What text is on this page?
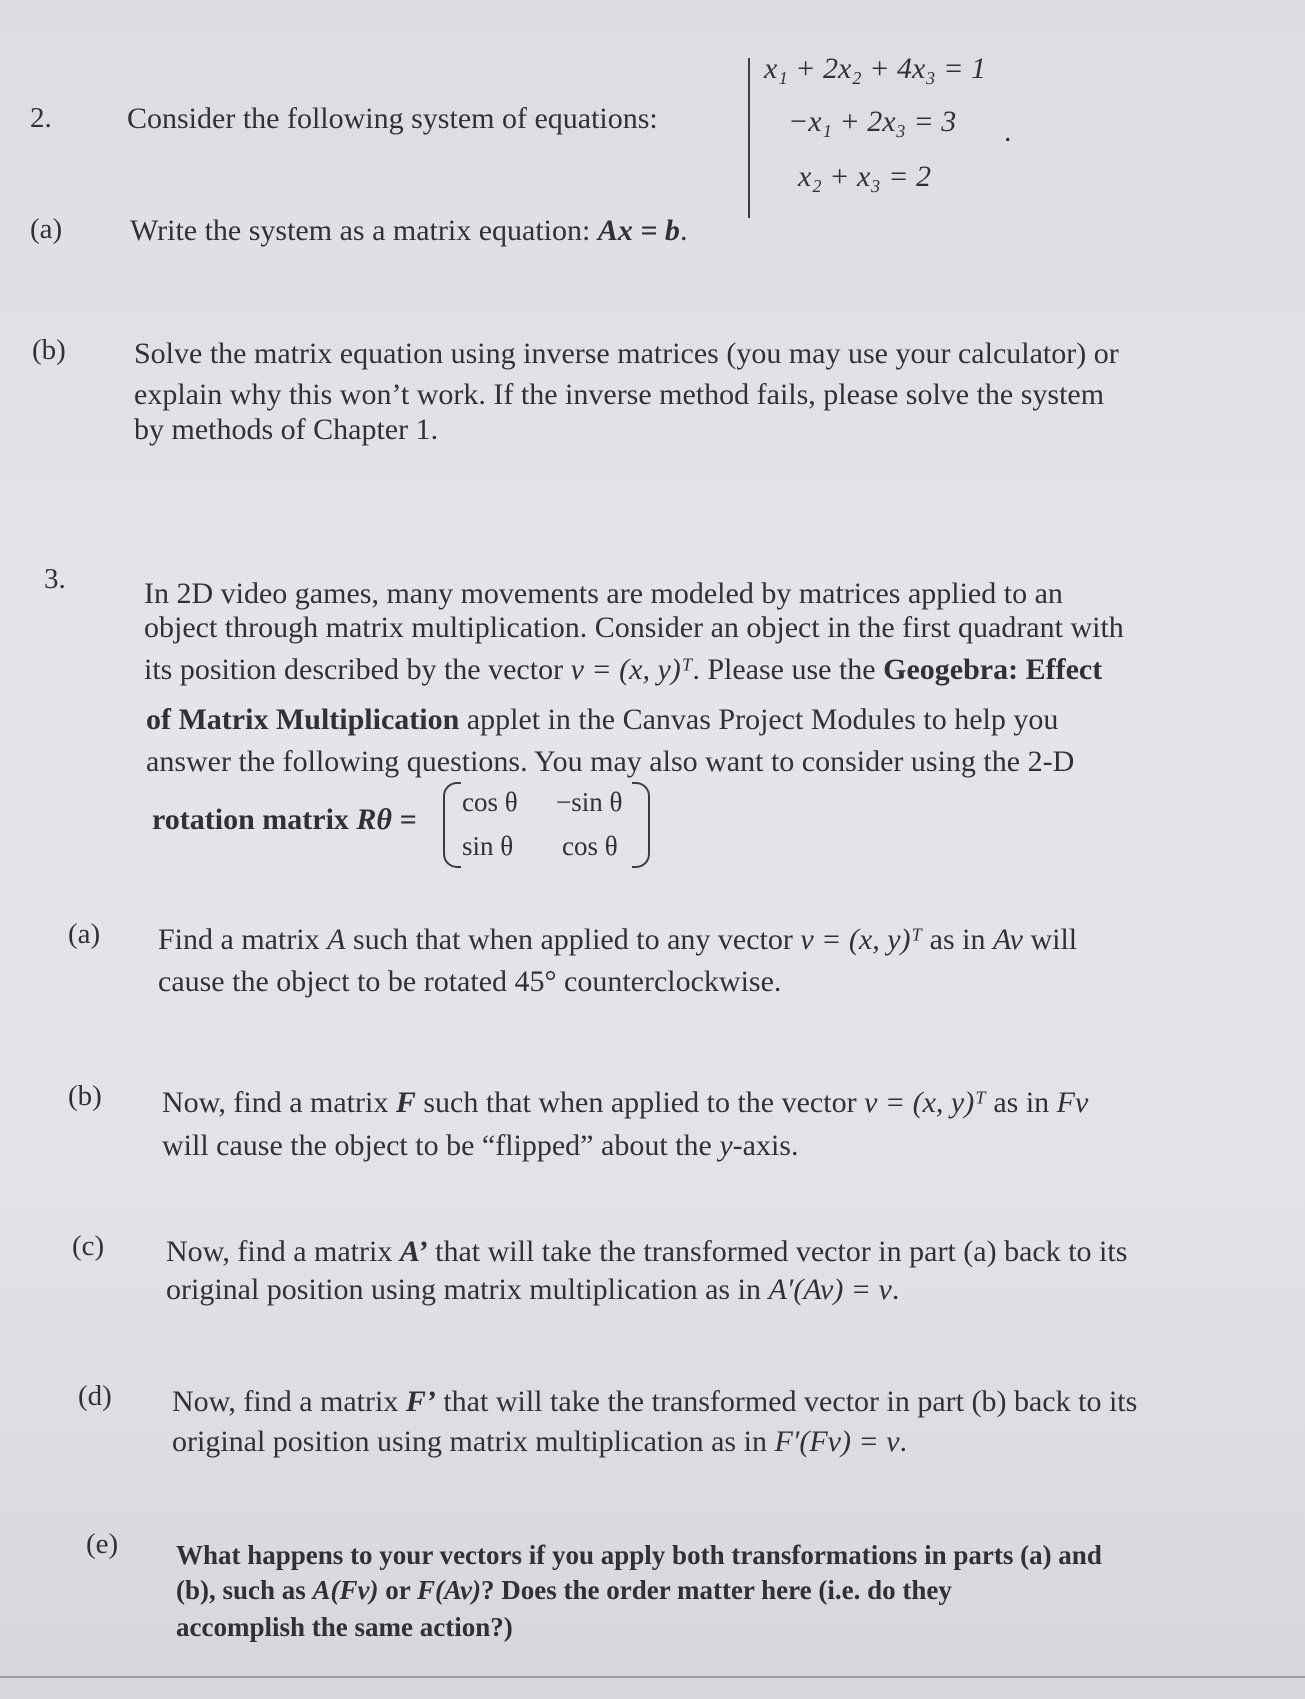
2.	Consider the following system of equations:
x₁ + 2x₂ + 4x₃ = 1
−x₁ + 2x₃ = 3
x₂ + x₃ = 2
.
(a) Write the system as a matrix equation: Ax = b.
(b) Solve the matrix equation using inverse matrices (you may use your calculator) or
explain why this won’t work. If the inverse method fails, please solve the system
by methods of Chapter 1.
3.	In 2D video games, many movements are modeled by matrices applied to an
object through matrix multiplication. Consider an object in the first quadrant with
its position described by the vector v = (x, y)ᵀ. Please use the Geogebra: Effect
of Matrix Multiplication applet in the Canvas Project Modules to help you
answer the following questions. You may also want to consider using the 2-D
rotation matrix Rθ =
cos θ −sin θ
sin θ cos θ
(a) Find a matrix A such that when applied to any vector v = (x, y)ᵀ as in Av will
cause the object to be rotated 45° counterclockwise.
(b) Now, find a matrix F such that when applied to the vector v = (x, y)ᵀ as in Fv
will cause the object to be “flipped” about the y-axis.
(c) Now, find a matrix A’ that will take the transformed vector in part (a) back to its
original position using matrix multiplication as in A′(Av) = v.
(d) Now, find a matrix F’ that will take the transformed vector in part (b) back to its
original position using matrix multiplication as in F′(Fv) = v.
(e) What happens to your vectors if you apply both transformations in parts (a) and
(b), such as A(Fv) or F(Av)? Does the order matter here (i.e. do they
accomplish the same action?)
